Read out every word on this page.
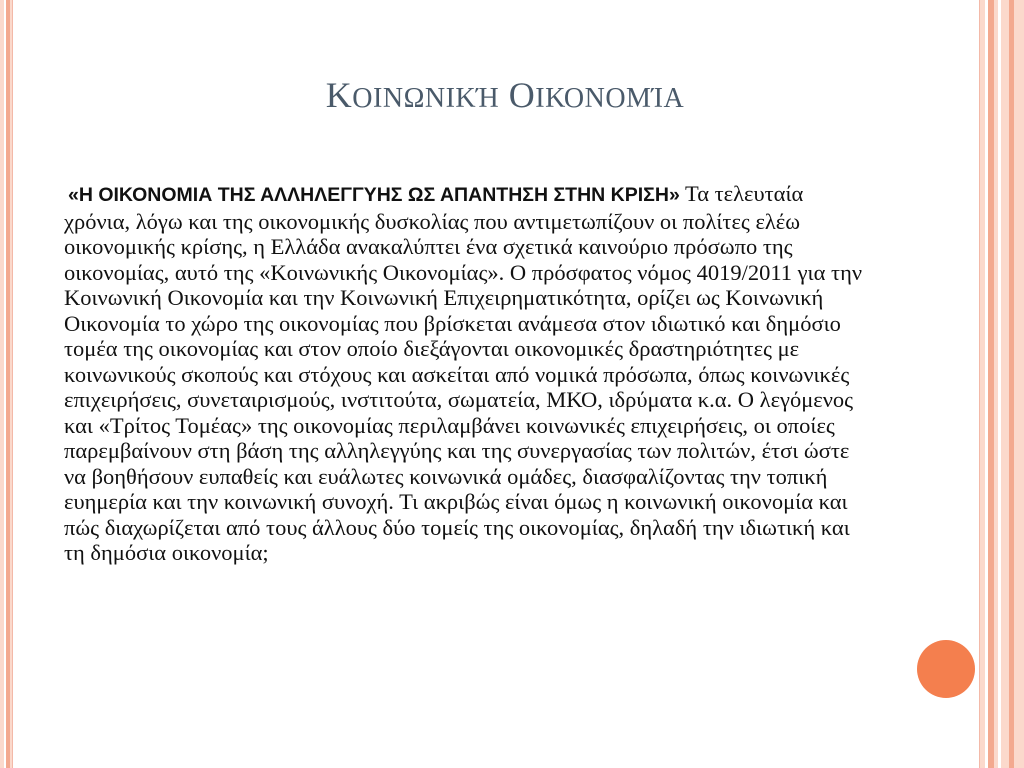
ΚΟΙΝΩΝΙΚΉ ΟΙΚΟΝΟΜΊΑ
«Η ΟΙΚΟΝΟΜΙΑ ΤΗΣ ΑΛΛΗΛΕΓΓΥΗΣ ΩΣ ΑΠΑΝΤΗΣΗ ΣΤΗΝ ΚΡΙΣΗ» Τα τελευταία χρόνια, λόγω και της οικονομικής δυσκολίας που αντιμετωπίζουν οι πολίτες ελέω οικονομικής κρίσης, η Ελλάδα ανακαλύπτει ένα σχετικά καινούριο πρόσωπο της οικονομίας, αυτό της «Κοινωνικής Οικονομίας». Ο πρόσφατος νόμος 4019/2011 για την Κοινωνική Οικονομία και την Κοινωνική Επιχειρηματικότητα, ορίζει ως Κοινωνική Οικονομία το χώρο της οικονομίας που βρίσκεται ανάμεσα στον ιδιωτικό και δημόσιο τομέα της οικονομίας και στον οποίο διεξάγονται οικονομικές δραστηριότητες με κοινωνικούς σκοπούς και στόχους και ασκείται από νομικά πρόσωπα, όπως κοινωνικές επιχειρήσεις, συνεταιρισμούς, ινστιτούτα, σωματεία, ΜΚΟ, ιδρύματα κ.α. Ο λεγόμενος και «Τρίτος Τομέας» της οικονομίας περιλαμβάνει κοινωνικές επιχειρήσεις, οι οποίες παρεμβαίνουν στη βάση της αλληλεγγύης και της συνεργασίας των πολιτών, έτσι ώστε να βοηθήσουν ευπαθείς και ευάλωτες κοινωνικά ομάδες, διασφαλίζοντας την τοπική ευημερία και την κοινωνική συνοχή. Τι ακριβώς είναι όμως η κοινωνική οικονομία και πώς διαχωρίζεται από τους άλλους δύο τομείς της οικονομίας, δηλαδή την ιδιωτική και τη δημόσια οικονομία;
